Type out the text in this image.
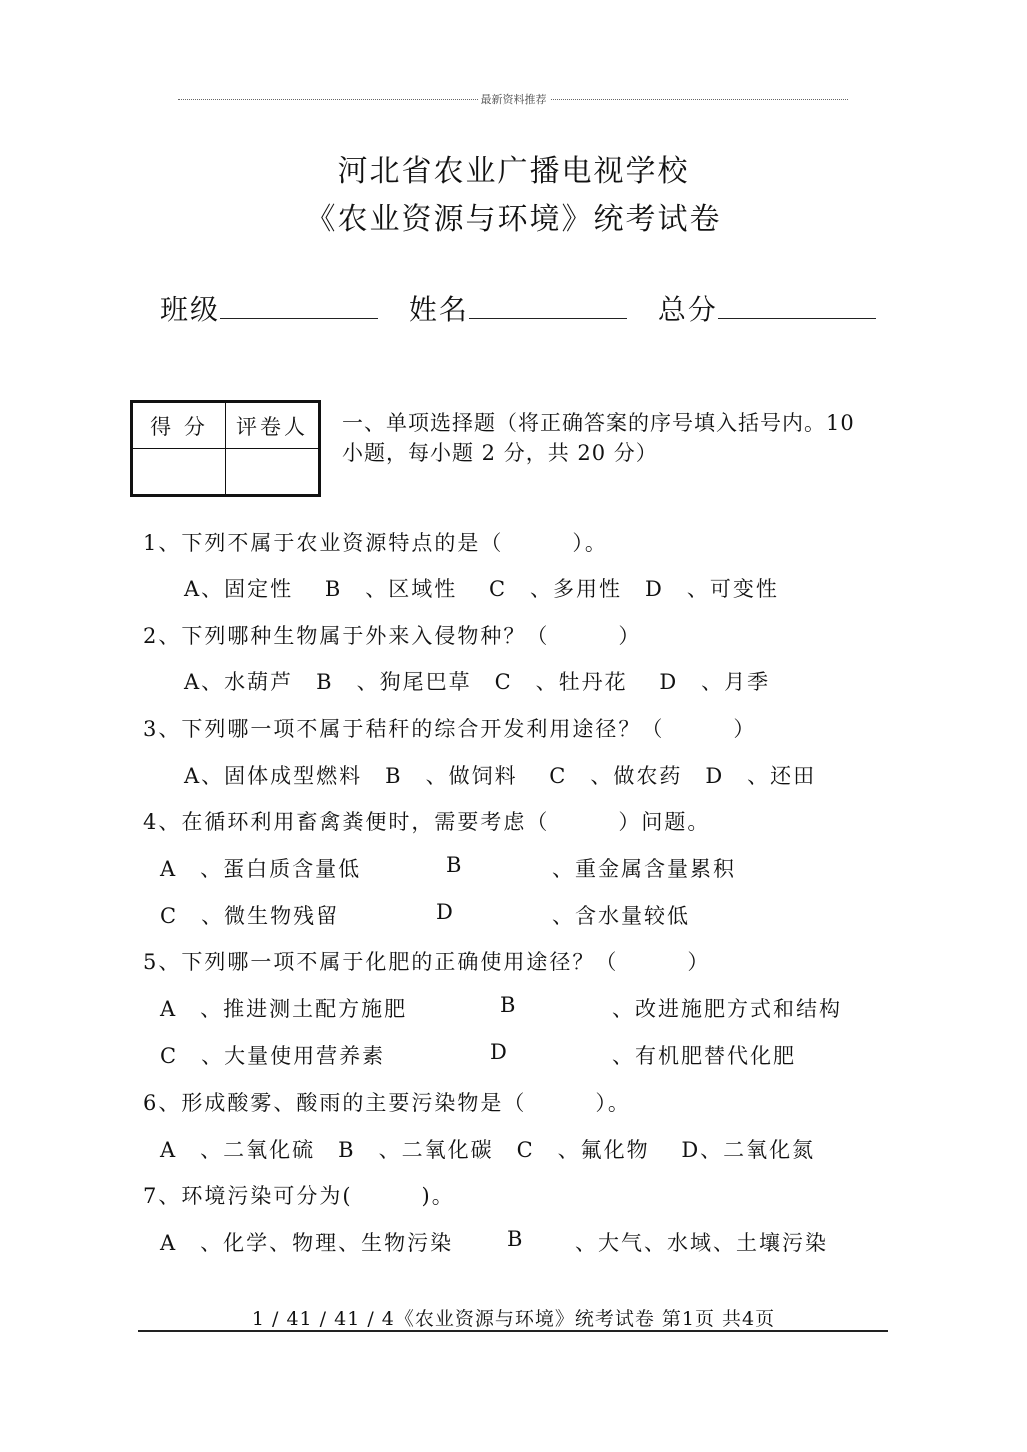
最新资料推荐
河北省农业广播电视学校
《农业资源与环境》统考试卷
班级	姓名	总分
得 分	评卷人
	一、单项选择题（将正确答案的序号填入括号内。10
小题，每小题 2 分，共 20 分）
1、下列不属于农业资源特点的是（　　　）。
A、固定性　 B　、区域性　 C　、多用性　D　、可变性
2、下列哪种生物属于外来入侵物种？（　　　）
A、水葫芦　B　、狗尾巴草　C　、牡丹花　 D　、月季
3、下列哪一项不属于秸秆的综合开发利用途径？（　　　）
A、固体成型燃料　B　、做饲料　 C　、做农药　D　、还田
4、在循环利用畜禽粪便时，需要考虑（　　　）问题。
A　、蛋白质含量低	B	、重金属含量累积
C　、微生物残留	D	、含水量较低
5、下列哪一项不属于化肥的正确使用途径？（　　　）
A　、推进测土配方施肥	B	、改进施肥方式和结构
C　、大量使用营养素	D	、有机肥替代化肥
6、形成酸雾、酸雨的主要污染物是（　　　）。
A　、二氧化硫　B　、二氧化碳　C　、氟化物　 D、二氧化氮
7、环境污染可分为(　　　)。
A　、化学、物理、生物污染	B 、大气、水域、土壤污染
1 / 41 / 41 / 4《农业资源与环境》统考试卷 第1页 共4页
